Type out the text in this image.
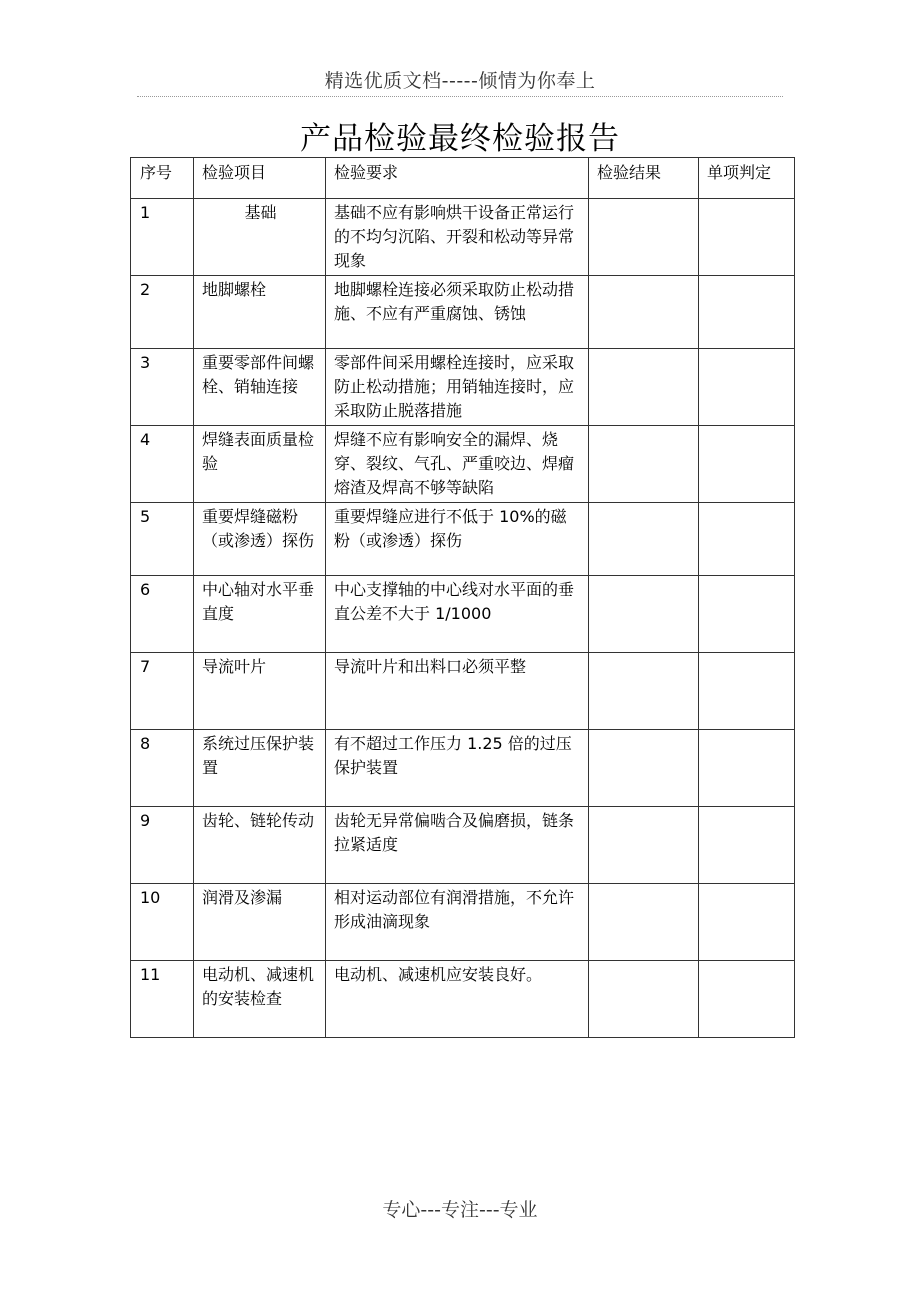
精选优质文档-----倾情为你奉上
产品检验最终检验报告
序号	检验项目	检验要求	检验结果	单项判定
1	基础	基础不应有影响烘干设备正常运行的不均匀沉陷、开裂和松动等异常现象		
2	地脚螺栓	地脚螺栓连接必须采取防止松动措施、不应有严重腐蚀、锈蚀		
3	重要零部件间螺栓、销轴连接	零部件间采用螺栓连接时，应采取防止松动措施；用销轴连接时，应采取防止脱落措施		
4	焊缝表面质量检验	焊缝不应有影响安全的漏焊、烧穿、裂纹、气孔、严重咬边、焊瘤熔渣及焊高不够等缺陷		
5	重要焊缝磁粉（或渗透）探伤	重要焊缝应进行不低于 10%的磁粉（或渗透）探伤		
6	中心轴对水平垂直度	中心支撑轴的中心线对水平面的垂直公差不大于 1/1000		
7	导流叶片	导流叶片和出料口必须平整		
8	系统过压保护装置	有不超过工作压力 1.25 倍的过压保护装置		
9	齿轮、链轮传动	齿轮无异常偏啮合及偏磨损，链条拉紧适度		
10	润滑及渗漏	相对运动部位有润滑措施，不允许形成油滴现象		
11	电动机、减速机的安装检查	电动机、减速机应安装良好。		
专心---专注---专业
